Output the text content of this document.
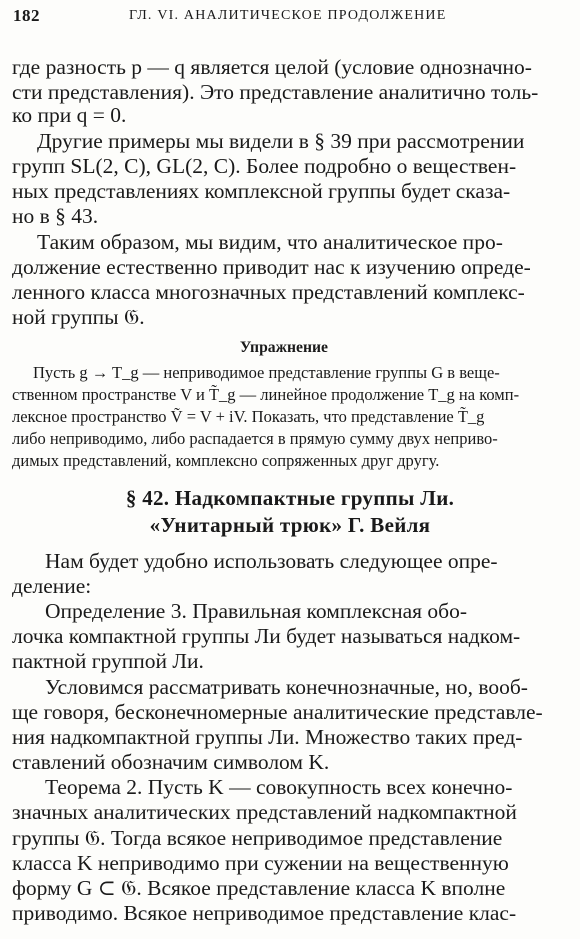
182	ГЛ. VI. АНАЛИТИЧЕСКОЕ ПРОДОЛЖЕНИЕ
где разность p — q является целой (условие однозначно-
сти представления). Это представление аналитично толь-
ко при q = 0.
Другие примеры мы видели в § 39 при рассмотрении
групп SL(2, C), GL(2, C). Более подробно о веществен-
ных представлениях комплексной группы будет сказа-
но в § 43.
Таким образом, мы видим, что аналитическое про-
должение естественно приводит нас к изучению опреде-
ленного класса многозначных представлений комплекс-
ной группы 𝔊.
Упражнение
Пусть g → T_g — неприводимое представление группы G в веще-
ственном пространстве V и T̃_g — линейное продолжение T_g на комп-
лексное пространство Ṽ = V + iV. Показать, что представление T̃_g
либо неприводимо, либо распадается в прямую сумму двух неприво-
димых представлений, комплексно сопряженных друг другу.
§ 42. Надкомпактные группы Ли.
«Унитарный трюк» Г. Вейля
Нам будет удобно использовать следующее опре-
деление:
Определение 3. Правильная комплексная обо-
лочка компактной группы Ли будет называться надком-
пактной группой Ли.
Условимся рассматривать конечнозначные, но, вооб-
ще говоря, бесконечномерные аналитические представле-
ния надкомпактной группы Ли. Множество таких пред-
ставлений обозначим символом K.
Теорема 2. Пусть K — совокупность всех конечно-
значных аналитических представлений надкомпактной
группы 𝔊. Тогда всякое неприводимое представление
класса K неприводимо при сужении на вещественную
форму G ⊂ 𝔊. Всякое представление класса K вполне
приводимо. Всякое неприводимое представление клас-
